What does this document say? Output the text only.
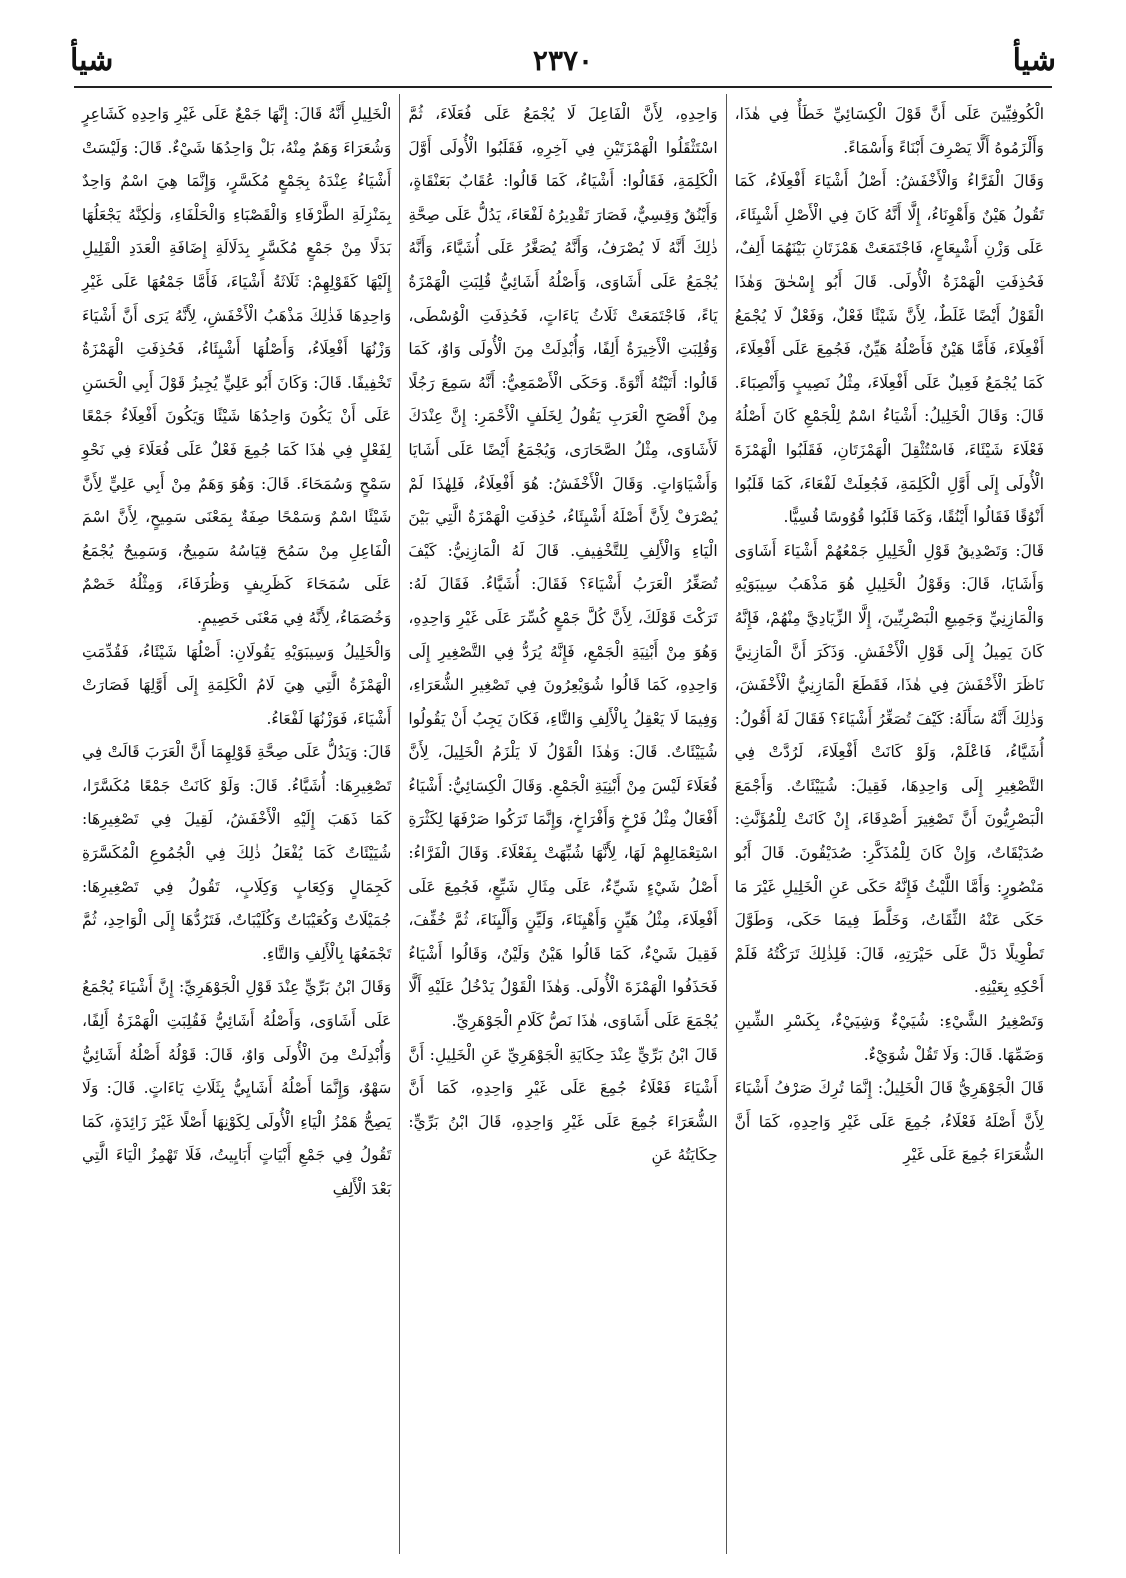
شيأ
٢٣٧٠
شيأ

الْكُوفِيِّينَ عَلَى أَنَّ قَوْلَ الْكِسَائِيِّ خَطَأٌ فِي هٰذَا، وَأَلْزَمُوهُ أَلَّا يَصْرِفَ أَبْنَاءً وَأَسْمَاءً.

وَقَالَ الْفَرَّاءُ وَالْأَخْفَشُ: أَصْلُ أَشْيَاءَ أَفْعِلَاءُ، كَمَا تَقُولُ هَيْنٌ وَأَهْوِنَاءُ، إِلَّا أَنَّهُ كَانَ فِي الْأَصْلِ أَشْيِئَاءَ، عَلَى وَزْنِ أَشْيِعَاعٍ، فَاجْتَمَعَتْ هَمْزَتَانِ بَيْنَهُمَا أَلِفٌ، فَحُذِفَتِ الْهَمْزَةُ الْأُولَى. قَالَ أَبُو إِسْحٰقَ وَهٰذَا الْقَوْلُ أَيْضًا غَلَطٌ، لِأَنَّ شَيْئًا فَعْلٌ، وَفَعْلٌ لَا يُجْمَعُ أَفْعِلَاءَ، فَأَمَّا هَيْنٌ فَأَصْلُهُ هَيِّنٌ، فَجُمِعَ عَلَى أَفْعِلَاءَ، كَمَا يُجْمَعُ فَعِيلٌ عَلَى أَفْعِلَاءَ، مِثْلُ نَصِيبٍ وَأَنْصِبَاءَ. قَالَ: وَقَالَ الْخَلِيلُ: أَشْيَاءُ اسْمٌ لِلْجَمْعِ كَانَ أَصْلُهُ فَعْلَاءَ شَيْئَاءَ، فَاسْتُثْقِلَ الْهَمْزَتَانِ، فَقَلَبُوا الْهَمْزَةَ الْأُولَى إِلَى أَوَّلِ الْكَلِمَةِ، فَجُعِلَتْ لَفْعَاءَ، كَمَا قَلَبُوا أَنْوُقًا فَقَالُوا أَيْنُقًا، وَكَمَا قَلَبُوا قُوُوسًا قُسِيًّا.

قَالَ: وَتَصْدِيقُ قَوْلِ الْخَلِيلِ جَمْعُهُمْ أَشْيَاءَ أَشَاوَى وَأَشَايَا، قَالَ: وَقَوْلُ الْخَلِيلِ هُوَ مَذْهَبُ سِيبَوَيْهِ وَالْمَازِنِيِّ وَجَمِيعِ الْبَصْرِيِّينَ، إِلَّا الزِّيَادِيَّ مِنْهُمْ، فَإِنَّهُ كَانَ يَمِيلُ إِلَى قَوْلِ الْأَخْفَشِ. وَذَكَرَ أَنَّ الْمَازِنِيَّ نَاظَرَ الْأَخْفَشَ فِي هٰذَا، فَقَطَعَ الْمَازِنِيُّ الْأَخْفَشَ، وَذٰلِكَ أَنَّهُ سَأَلَهُ: كَيْفَ تُصَغِّرُ أَشْيَاءَ؟ فَقَالَ لَهُ أَقُولُ: أُشَيَّاءُ، فَاعْلَمْ، وَلَوْ كَانَتْ أَفْعِلَاءَ، لَرُدَّتْ فِي التَّصْغِيرِ إِلَى وَاحِدِهَا، فَقِيلَ: شُيَيْئَاتٌ. وَأَجْمَعَ الْبَصْرِيُّونَ أَنَّ تَصْغِيرَ أَصْدِقَاءَ، إِنْ كَانَتْ لِلْمُؤَنَّثِ: صُدَيْقَاتٌ، وَإِنْ كَانَ لِلْمُذَكَّرِ: صُدَيْقُونَ. قَالَ أَبُو مَنْصُورٍ: وَأَمَّا اللَّيْثُ فَإِنَّهُ حَكَى عَنِ الْخَلِيلِ غَيْرَ مَا حَكَى عَنْهُ الثِّقَاتُ، وَخَلَّطَ فِيمَا حَكَى، وَطَوَّلَ تَطْوِيلًا دَلَّ عَلَى حَيْرَتِهِ، قَالَ: فَلِذٰلِكَ تَرَكْتُهُ فَلَمْ أَحْكِهِ بِعَيْنِهِ.

وَتَصْغِيرُ الشَّيْءِ: شُيَيْءٌ وَشِيَيْءٌ، بِكَسْرِ الشِّينِ وَضَمِّهَا. قَالَ: وَلَا تَقُلْ شُوَيْءٌ.

قَالَ الْجَوْهَرِيُّ قَالَ الْخَلِيلُ: إِنَّمَا تُرِكَ صَرْفُ أَشْيَاءَ لِأَنَّ أَصْلَهُ فَعْلَاءُ، جُمِعَ عَلَى غَيْرِ وَاحِدِهِ، كَمَا أَنَّ الشُّعَرَاءَ جُمِعَ عَلَى غَيْرِ

وَاحِدِهِ، لِأَنَّ الْفَاعِلَ لَا يُجْمَعُ عَلَى فُعَلَاءَ، ثُمَّ اسْتَثْقَلُوا الْهَمْزَتَيْنِ فِي آخِرِهِ، فَقَلَبُوا الْأُولَى أَوَّلَ الْكَلِمَةِ، فَقَالُوا: أَشْيَاءُ، كَمَا قَالُوا: عُقَابٌ بَعَنْقَاةٍ، وَأَيْنُقٌ وَقِسِيٌّ، فَصَارَ تَقْدِيرُهُ لَفْعَاءَ، يَدُلُّ عَلَى صِحَّةِ ذٰلِكَ أَنَّهُ لَا يُصْرَفُ، وَأَنَّهُ يُصَغَّرُ عَلَى أُشَيَّاءَ، وَأَنَّهُ يُجْمَعُ عَلَى أَشَاوَى، وَأَصْلُهُ أَشَائِيُّ قُلِبَتِ الْهَمْزَةُ يَاءً، فَاجْتَمَعَتْ ثَلَاثُ يَاءَاتٍ، فَحُذِفَتِ الْوُسْطَى، وَقُلِبَتِ الْأَخِيرَةُ أَلِفًا، وَأُبْدِلَتْ مِنَ الْأُولَى وَاوٌ، كَمَا قَالُوا: أَتَيْتُهُ أَتْوَةً. وَحَكَى الْأَصْمَعِيُّ: أَنَّهُ سَمِعَ رَجُلًا مِنْ أَفْصَحِ الْعَرَبِ يَقُولُ لِخَلَفٍ الْأَحْمَرِ: إِنَّ عِنْدَكَ لَأَشَاوَى، مِثْلُ الصَّحَارَى، وَيُجْمَعُ أَيْضًا عَلَى أَشَايَا وَأَشْيَاوَاتٍ. وَقَالَ الْأَخْفَشُ: هُوَ أَفْعِلَاءُ، فَلِهٰذَا لَمْ يُصْرَفْ لِأَنَّ أَصْلَهُ أَشْيِئَاءُ، حُذِفَتِ الْهَمْزَةُ الَّتِي بَيْنَ الْيَاءِ وَالْأَلِفِ لِلتَّخْفِيفِ. قَالَ لَهُ الْمَازِنِيُّ: كَيْفَ تُصَغِّرُ الْعَرَبُ أَشْيَاءَ؟ فَقَالَ: أُشَيَّاءُ. فَقَالَ لَهُ: تَرَكْتَ قَوْلَكَ، لِأَنَّ كُلَّ جَمْعٍ كُسِّرَ عَلَى غَيْرِ وَاحِدِهِ، وَهُوَ مِنْ أَبْنِيَةِ الْجَمْعِ، فَإِنَّهُ يُرَدُّ فِي التَّصْغِيرِ إِلَى وَاحِدِهِ، كَمَا قَالُوا شُوَيْعِرُونَ فِي تَصْغِيرِ الشُّعَرَاءِ، وَفِيمَا لَا يَعْقِلُ بِالْأَلِفِ وَالتَّاءِ، فَكَانَ يَجِبُ أَنْ يَقُولُوا شُيَيْئَاتٌ. قَالَ: وَهٰذَا الْقَوْلُ لَا يَلْزَمُ الْخَلِيلَ، لِأَنَّ فُعَلَاءَ لَيْسَ مِنْ أَبْنِيَةِ الْجَمْعِ. وَقَالَ الْكِسَائِيُّ: أَشْيَاءُ أَفْعَالٌ مِثْلُ فَرْخٍ وَأَفْرَاخٍ، وَإِنَّمَا تَرَكُوا صَرْفَهَا لِكَثْرَةِ اسْتِعْمَالِهِمْ لَهَا، لِأَنَّهَا شُبِّهَتْ بِفَعْلَاءَ. وَقَالَ الْفَرَّاءُ: أَصْلُ شَيْءٍ شَيِّءٌ، عَلَى مِثَالِ شَيِّعٍ، فَجُمِعَ عَلَى أَفْعِلَاءَ، مِثْلُ هَيِّنٍ وَأَهْيِنَاءَ، وَلَيِّنٍ وَأَلْيِنَاءَ، ثُمَّ خُفِّفَ، فَقِيلَ شَيْءٌ، كَمَا قَالُوا هَيْنٌ وَلَيْنٌ، وَقَالُوا أَشْيَاءُ فَحَذَفُوا الْهَمْزَةَ الْأُولَى. وَهٰذَا الْقَوْلُ يَدْخُلُ عَلَيْهِ أَلَّا يُجْمَعَ عَلَى أَشَاوَى، هٰذَا نَصُّ كَلَامِ الْجَوْهَرِيِّ.

قَالَ ابْنُ بَرِّيٍّ عِنْدَ حِكَايَةِ الْجَوْهَرِيِّ عَنِ الْخَلِيلِ: أَنَّ أَشْيَاءَ فَعْلَاءُ جُمِعَ عَلَى غَيْرِ وَاحِدِهِ، كَمَا أَنَّ الشُّعَرَاءَ جُمِعَ عَلَى غَيْرِ وَاحِدِهِ، قَالَ ابْنُ بَرِّيٍّ: حِكَايَتُهُ عَنِ

الْخَلِيلِ أَنَّهُ قَالَ: إِنَّهَا جَمْعٌ عَلَى غَيْرِ وَاحِدِهِ كَشَاعِرٍ وَشُعَرَاءَ وَهَمٌ مِنْهُ، بَلْ وَاحِدُهَا شَيْءٌ. قَالَ: وَلَيْسَتْ أَشْيَاءُ عِنْدَهُ بِجَمْعٍ مُكَسَّرٍ، وَإِنَّمَا هِيَ اسْمٌ وَاحِدٌ بِمَنْزِلَةِ الطَّرْفَاءِ وَالْقَصْبَاءِ وَالْحَلْفَاءِ، وَلٰكِنَّهُ يَجْعَلُهَا بَدَلًا مِنْ جَمْعٍ مُكَسَّرٍ بِدَلَالَةِ إِضَافَةِ الْعَدَدِ الْقَلِيلِ إِلَيْهَا كَقَوْلِهِمْ: ثَلَاثَةُ أَشْيَاءَ، فَأَمَّا جَمْعُهَا عَلَى غَيْرِ وَاحِدِهَا فَذٰلِكَ مَذْهَبُ الْأَخْفَشِ، لِأَنَّهُ يَرَى أَنَّ أَشْيَاءَ وَزْنُهَا أَفْعِلَاءُ، وَأَصْلُهَا أَشْيِئَاءُ، فَحُذِفَتِ الْهَمْزَةُ تَخْفِيفًا. قَالَ: وَكَانَ أَبُو عَلِيٍّ يُجِيزُ قَوْلَ أَبِي الْحَسَنِ عَلَى أَنْ يَكُونَ وَاحِدُهَا شَيْئًا وَيَكُونَ أَفْعِلَاءُ جَمْعًا لِفَعْلٍ فِي هٰذَا كَمَا جُمِعَ فَعْلٌ عَلَى فُعَلَاءَ فِي نَحْوِ سَمْحٍ وَسُمَحَاءَ. قَالَ: وَهُوَ وَهَمٌ مِنْ أَبِي عَلِيٍّ لِأَنَّ شَيْئًا اسْمٌ وَسَمْحًا صِفَةٌ بِمَعْنَى سَمِيحٍ، لِأَنَّ اسْمَ الْفَاعِلِ مِنْ سَمُحَ قِيَاسُهُ سَمِيحٌ، وَسَمِيحٌ يُجْمَعُ عَلَى سُمَحَاءَ كَظَرِيفٍ وَظُرَفَاءَ، وَمِثْلُهُ خَصْمٌ وَخُصَمَاءُ، لِأَنَّهُ فِي مَعْنَى خَصِيمٍ.

وَالْخَلِيلُ وَسِيبَوَيْهِ يَقُولَانِ: أَصْلُهَا شَيْئَاءُ، فَقُدِّمَتِ الْهَمْزَةُ الَّتِي هِيَ لَامُ الْكَلِمَةِ إِلَى أَوَّلِهَا فَصَارَتْ أَشْيَاءَ، فَوَزْنُهَا لَفْعَاءُ.

قَالَ: وَيَدُلُّ عَلَى صِحَّةِ قَوْلِهِمَا أَنَّ الْعَرَبَ قَالَتْ فِي تَصْغِيرِهَا: أُشَيَّاءُ. قَالَ: وَلَوْ كَانَتْ جَمْعًا مُكَسَّرًا، كَمَا ذَهَبَ إِلَيْهِ الْأَخْفَشُ، لَقِيلَ فِي تَصْغِيرِهَا: شُيَيْئَاتٌ كَمَا يُفْعَلُ ذٰلِكَ فِي الْجُمُوعِ الْمُكَسَّرَةِ كَجِمَالٍ وَكِعَابٍ وَكِلَابٍ، تَقُولُ فِي تَصْغِيرِهَا: جُمَيْلَاتٌ وَكُعَيْبَاتٌ وَكُلَيْبَاتٌ، فَتَرُدُّهَا إِلَى الْوَاحِدِ، ثُمَّ تَجْمَعُهَا بِالْأَلِفِ وَالتَّاءِ.

وَقَالَ ابْنُ بَرِّيٍّ عِنْدَ قَوْلِ الْجَوْهَرِيِّ: إِنَّ أَشْيَاءَ يُجْمَعُ عَلَى أَشَاوَى، وَأَصْلُهُ أَشَائِيُّ فَقُلِبَتِ الْهَمْزَةُ أَلِفًا، وَأُبْدِلَتْ مِنَ الْأُولَى وَاوٌ، قَالَ: قَوْلُهُ أَصْلُهُ أَشَائِيُّ سَهْوٌ، وَإِنَّمَا أَصْلُهُ أَشَايِيُّ بِثَلَاثِ يَاءَاتٍ. قَالَ: وَلَا يَصِحُّ هَمْزُ الْيَاءِ الْأُولَى لِكَوْنِهَا أَصْلًا غَيْرَ زَائِدَةٍ، كَمَا تَقُولُ فِي جَمْعِ أَبْيَاتٍ أَبَايِيتُ، فَلَا تَهْمِزُ الْيَاءَ الَّتِي بَعْدَ الْأَلِفِ
